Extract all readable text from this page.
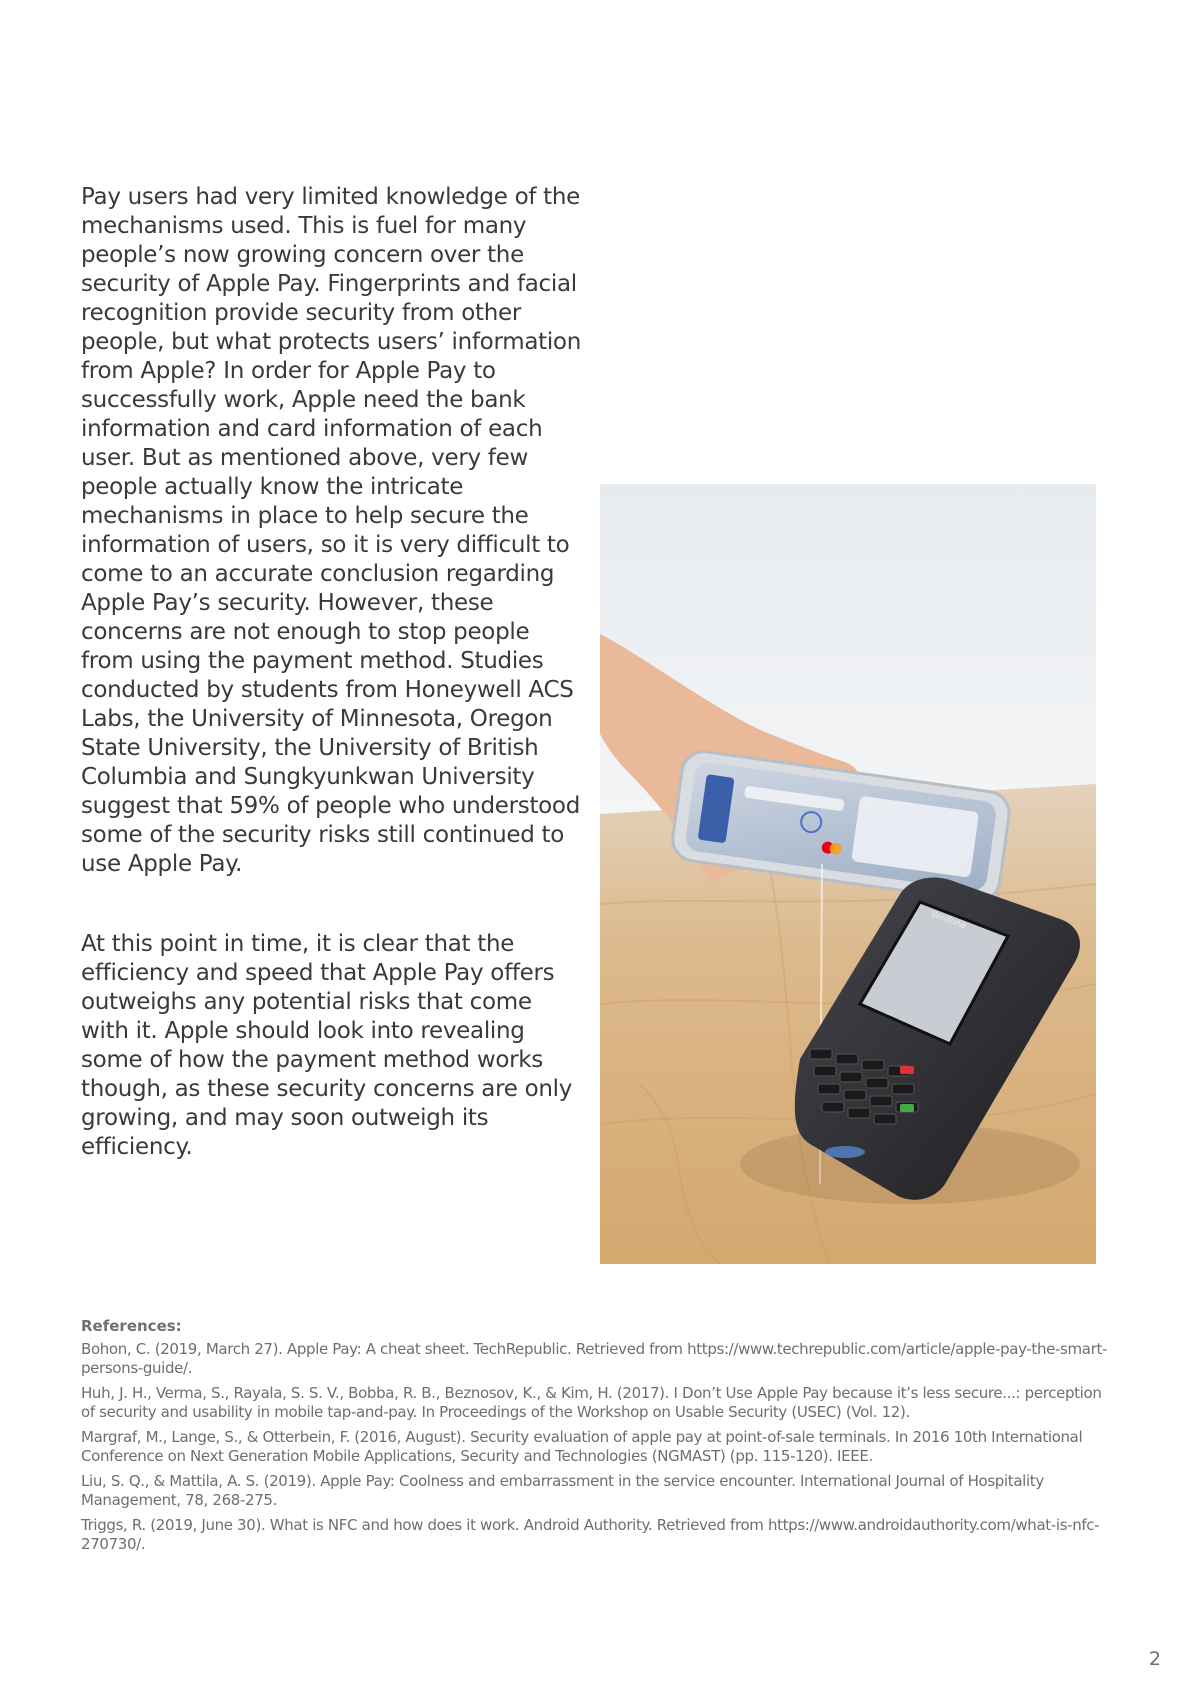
Pay users had very limited knowledge of the mechanisms used. This is fuel for many people’s now growing concern over the security of Apple Pay. Fingerprints and facial recognition provide security from other people, but what protects users’ information from Apple? In order for Apple Pay to successfully work, Apple need the bank information and card information of each user. But as mentioned above, very few people actually know the intricate mechanisms in place to help secure the information of users, so it is very difficult to come to an accurate conclusion regarding Apple Pay’s security. However, these concerns are not enough to stop people from using the payment method. Studies conducted by students from Honeywell ACS Labs, the University of Minnesota, Oregon State University, the University of British Columbia and Sungkyunkwan University suggest that 59% of people who understood some of the security risks still continued to use Apple Pay.

At this point in time, it is clear that the efficiency and speed that Apple Pay offers outweighs any potential risks that come with it. Apple should look into revealing some of how the payment method works though, as these security concerns are only growing, and may soon outweigh its efficiency.

Verifone
References:

Bohon, C. (2019, March 27). Apple Pay: A cheat sheet. TechRepublic. Retrieved from https://www.techrepublic.com/article/apple-pay-the-smart-persons-guide/.

Huh, J. H., Verma, S., Rayala, S. S. V., Bobba, R. B., Beznosov, K., & Kim, H. (2017). I Don’t Use Apple Pay because it’s less secure...: perception of security and usability in mobile tap-and-pay. In Proceedings of the Workshop on Usable Security (USEC) (Vol. 12).

Margraf, M., Lange, S., & Otterbein, F. (2016, August). Security evaluation of apple pay at point-of-sale terminals. In 2016 10th International Conference on Next Generation Mobile Applications, Security and Technologies (NGMAST) (pp. 115-120). IEEE.

Liu, S. Q., & Mattila, A. S. (2019). Apple Pay: Coolness and embarrassment in the service encounter. International Journal of Hospitality Management, 78, 268-275.

Triggs, R. (2019, June 30). What is NFC and how does it work. Android Authority. Retrieved from https://www.androidauthority.com/what-is-nfc-270730/.

2
